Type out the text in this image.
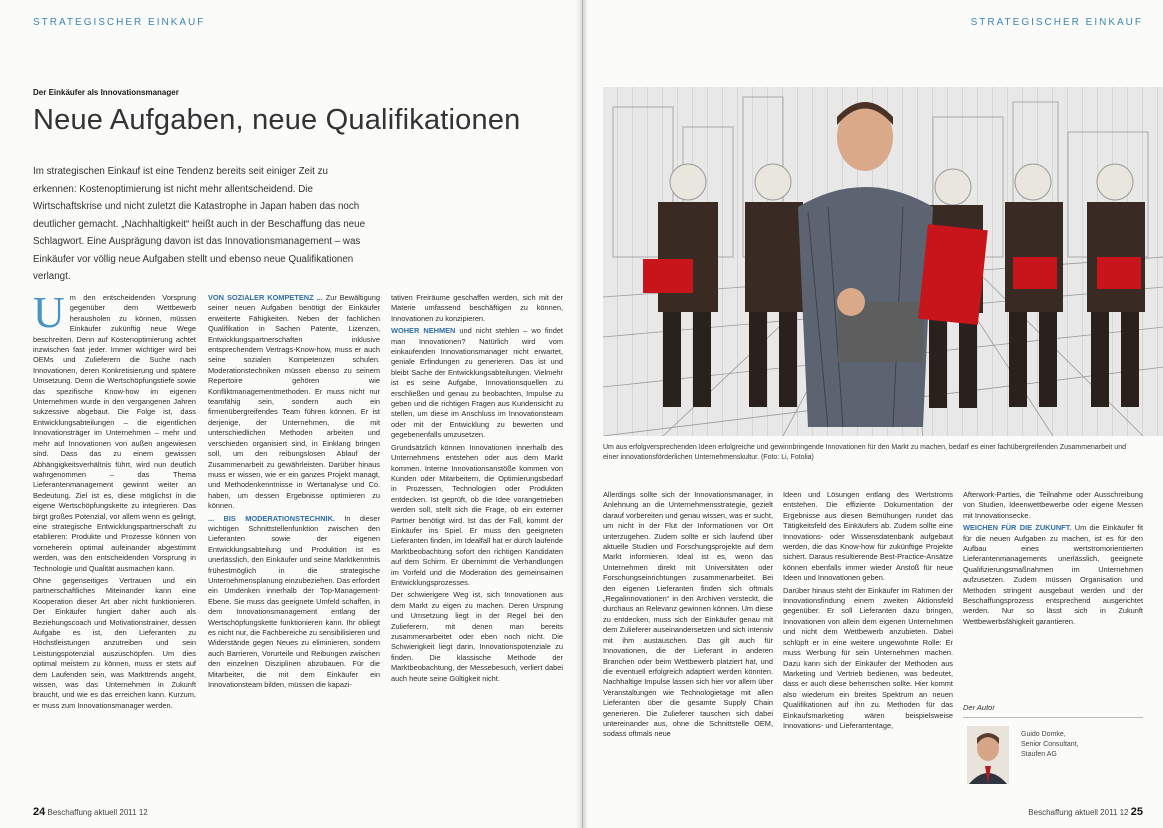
STRATEGISCHER EINKAUF
Der Einkäufer als Innovationsmanager
Neue Aufgaben, neue Qualifikationen

Im strategischen Einkauf ist eine Tendenz bereits seit einiger Zeit zu erkennen: Kostenoptimierung ist nicht mehr allentscheidend. Die Wirtschaftskrise und nicht zuletzt die Katastrophe in Japan haben das noch deutlicher gemacht. „Nachhaltigkeit“ heißt auch in der Beschaffung das neue Schlagwort. Eine Ausprägung davon ist das Innovationsmanagement – was Einkäufer vor völlig neue Aufgaben stellt und ebenso neue Qualifikationen verlangt.

Um den entscheidenden Vorsprung gegenüber dem Wettbewerb herausholen zu können, müssen Einkäufer zukünftig neue Wege beschreiten. Denn auf Kostenoptimierung achtet inzwischen fast jeder. Immer wichtiger wird bei OEMs und Zulieferern die Suche nach Innovationen, deren Konkretisierung und spätere Umsetzung. Denn die Wertschöpfungstiefe sowie das spezifische Know-how im eigenen Unternehmen wurde in den vergangenen Jahren sukzessive abgebaut. Die Folge ist, dass Entwicklungsabteilungen – die eigentlichen Innovationsträger im Unternehmen – mehr und mehr auf Innovationen von außen angewiesen sind. Dass das zu einem gewissen Abhängigkeitsverhältnis führt, wird nun deutlich wahrgenommen – das Thema Lieferantenmanagement gewinnt weiter an Bedeutung. Ziel ist es, diese möglichst in die eigene Wertschöpfungskette zu integrieren. Das birgt großes Potenzial, vor allem wenn es gelingt, eine strategische Entwicklungspartnerschaft zu etablieren: Produkte und Prozesse können von vorneherein optimal aufeinander abgestimmt werden, was den entscheidenden Vorsprung in Technologie und Qualität ausmachen kann.

Ohne gegenseitiges Vertrauen und ein partnerschaftliches Miteinander kann eine Kooperation dieser Art aber nicht funktionieren. Der Einkäufer fungiert daher auch als Beziehungscoach und Motivationstrainer, dessen Aufgabe es ist, den Lieferanten zu Höchstleistungen anzutreiben und sein Leistungspotenzial auszuschöpfen. Um dies optimal meistern zu können, muss er stets auf dem Laufenden sein, was Markttrends angeht, wissen, was das Unternehmen in Zukunft braucht, und wie es das erreichen kann. Kurzum, er muss zum Innovationsmanager werden.

VON SOZIALER KOMPETENZ ... Zur Bewältigung seiner neuen Aufgaben benötigt der Einkäufer erweiterte Fähigkeiten. Neben der fachlichen Qualifikation in Sachen Patente, Lizenzen, Entwicklungspartnerschaften inklusive entsprechendem Vertrags-Know-how, muss er auch seine sozialen Kompetenzen schulen. Moderationstechniken müssen ebenso zu seinem Repertoire gehören wie Konfliktmanagementmethoden. Er muss nicht nur teamfähig sein, sondern auch ein firmenübergreifendes Team führen können. Er ist derjenige, der Unternehmen, die mit unterschiedlichen Methoden arbeiten und verschieden organisiert sind, in Einklang bringen soll, um den reibungslosen Ablauf der Zusammenarbeit zu gewährleisten. Darüber hinaus muss er wissen, wie er ein ganzes Projekt managt, und Methodenkenntnisse in Wertanalyse und Co. haben, um dessen Ergebnisse optimieren zu können.

... BIS MODERATIONSTECHNIK. In dieser wichtigen Schnittstellenfunktion zwischen den Lieferanten sowie der eigenen Entwicklungsabteilung und Produktion ist es unerlässlich, den Einkäufer und seine Marktkenntnis frühestmöglich in die strategische Unternehmensplanung einzubeziehen. Das erfordert ein Umdenken innerhalb der Top-Management-Ebene. Sie muss das geeignete Umfeld schaffen, in dem Innovationsmanagement entlang der Wertschöpfungskette funktionieren kann. Ihr obliegt es nicht nur, die Fachbereiche zu sensibilisieren und Widerstände gegen Neues zu eliminieren, sondern auch Barrieren, Vorurteile und Reibungen zwischen den einzelnen Disziplinen abzubauen. Für die Mitarbeiter, die mit dem Einkäufer ein Innovationsteam bilden, müssen die kapazi-

tativen Freiräume geschaffen werden, sich mit der Materie umfassend beschäftigen zu können, Innovationen zu konzipieren.

WOHER NEHMEN und nicht stehlen – wo findet man Innovationen? Natürlich wird vom einkaufenden Innovationsmanager nicht erwartet, geniale Erfindungen zu generieren. Das ist und bleibt Sache der Entwicklungsabteilungen. Vielmehr ist es seine Aufgabe, Innovationsquellen zu erschließen und genau zu beobachten, Impulse zu geben und die richtigen Fragen aus Kundensicht zu stellen, um diese im Anschluss im Innovationsteam oder mit der Entwicklung zu bewerten und gegebenenfalls umzusetzen.

Grundsätzlich können Innovationen innerhalb des Unternehmens entstehen oder aus dem Markt kommen. Interne Innovationsanstöße kommen von Kunden oder Mitarbeitern, die Optimierungsbedarf in Prozessen, Technologien oder Produkten entdecken. Ist geprüft, ob die Idee vorangetrieben werden soll, stellt sich die Frage, ob ein externer Partner benötigt wird. Ist das der Fall, kommt der Einkäufer ins Spiel. Er muss den geeigneten Lieferanten finden, im Idealfall hat er durch laufende Marktbeobachtung sofort den richtigen Kandidaten auf dem Schirm. Er übernimmt die Verhandlungen im Vorfeld und die Moderation des gemeinsamen Entwicklungsprozesses.

Der schwierigere Weg ist, sich Innovationen aus dem Markt zu eigen zu machen. Deren Ursprung und Umsetzung liegt in der Regel bei den Zulieferern, mit denen man bereits zusammenarbeitet oder eben noch nicht. Die Schwierigkeit liegt darin, Innovationspotenziale zu finden. Die klassische Methode der Marktbeobachtung, der Messebesuch, verliert dabei auch heute seine Gültigkeit nicht.

24 Beschaffung aktuell 2011 12
STRATEGISCHER EINKAUF

Um aus erfolgversprechenden Ideen erfolgreiche und gewinnbringende Innovationen für den Markt zu machen, bedarf es einer fachübergreifenden Zusammenarbeit und einer innovationsförderlichen Unternehmenskultur. (Foto: Li, Fotolia)

Allerdings sollte sich der Innovationsmanager, in Anlehnung an die Unternehmensstrategie, gezielt darauf vorbereiten und genau wissen, was er sucht, um nicht in der Flut der Informationen vor Ort unterzugehen. Zudem sollte er sich laufend über aktuelle Studien und Forschungsprojekte auf dem Markt informieren. Ideal ist es, wenn das Unternehmen direkt mit Universitäten oder Forschungseinrichtungen zusammenarbeitet. Bei den eigenen Lieferanten finden sich oftmals „Regalinnovationen“ in den Archiven versteckt, die durchaus an Relevanz gewinnen können. Um diese zu entdecken, muss sich der Einkäufer genau mit dem Zulieferer auseinandersetzen und sich intensiv mit ihm austauschen. Das gilt auch für Innovationen, die der Lieferant in anderen Branchen oder beim Wettbewerb platziert hat, und die eventuell erfolgreich adaptiert werden könnten. Nachhaltige Impulse lassen sich hier vor allem über Veranstaltungen wie Technologietage mit allen Lieferanten über die gesamte Supply Chain generieren. Die Zulieferer tauschen sich dabei untereinander aus, ohne die Schnittstelle OEM, sodass oftmals neue

Ideen und Lösungen entlang des Wertstroms entstehen. Die effiziente Dokumentation der Ergebnisse aus diesen Bemühungen rundet das Tätigkeitsfeld des Einkäufers ab. Zudem sollte eine Innovations- oder Wissensdatenbank aufgebaut werden, die das Know-how für zukünftige Projekte sichert. Daraus resultierende Best-Practice-Ansätze können ebenfalls immer wieder Anstoß für neue Ideen und Innovationen geben.

Darüber hinaus steht der Einkäufer im Rahmen der Innovationsfindung einem zweiten Aktionsfeld gegenüber. Er soll Lieferanten dazu bringen, Innovationen von allein dem eigenen Unternehmen und nicht dem Wettbewerb anzubieten. Dabei schlüpft er in eine weitere ungewohnte Rolle: Er muss Werbung für sein Unternehmen machen. Dazu kann sich der Einkäufer der Methoden aus Marketing und Vertrieb bedienen, was bedeutet, dass er auch diese beherrschen sollte. Hier kommt also wiederum ein breites Spektrum an neuen Qualifikationen auf ihn zu. Methoden für das Einkaufsmarketing wären beispielsweise Innovations- und Lieferantentage,

Afterwork-Parties, die Teilnahme oder Ausschreibung von Studien, Ideenwettbewerbe oder eigene Messen mit Innovationsecke.

WEICHEN FÜR DIE ZUKUNFT. Um die Einkäufer fit für die neuen Aufgaben zu machen, ist es für den Aufbau eines wertstromorientierten Lieferantenmanagements unerlässlich, geeignete Qualifizierungsmaßnahmen im Unternehmen aufzusetzen. Zudem müssen Organisation und Methoden stringent ausgebaut werden und der Beschaffungsprozess entsprechend ausgerichtet werden. Nur so lässt sich in Zukunft Wettbewerbsfähigkeit garantieren.

Der Autor
Guido Domke,
Senior Consultant,
Staufen AG
Beschaffung aktuell 2011 12 25
